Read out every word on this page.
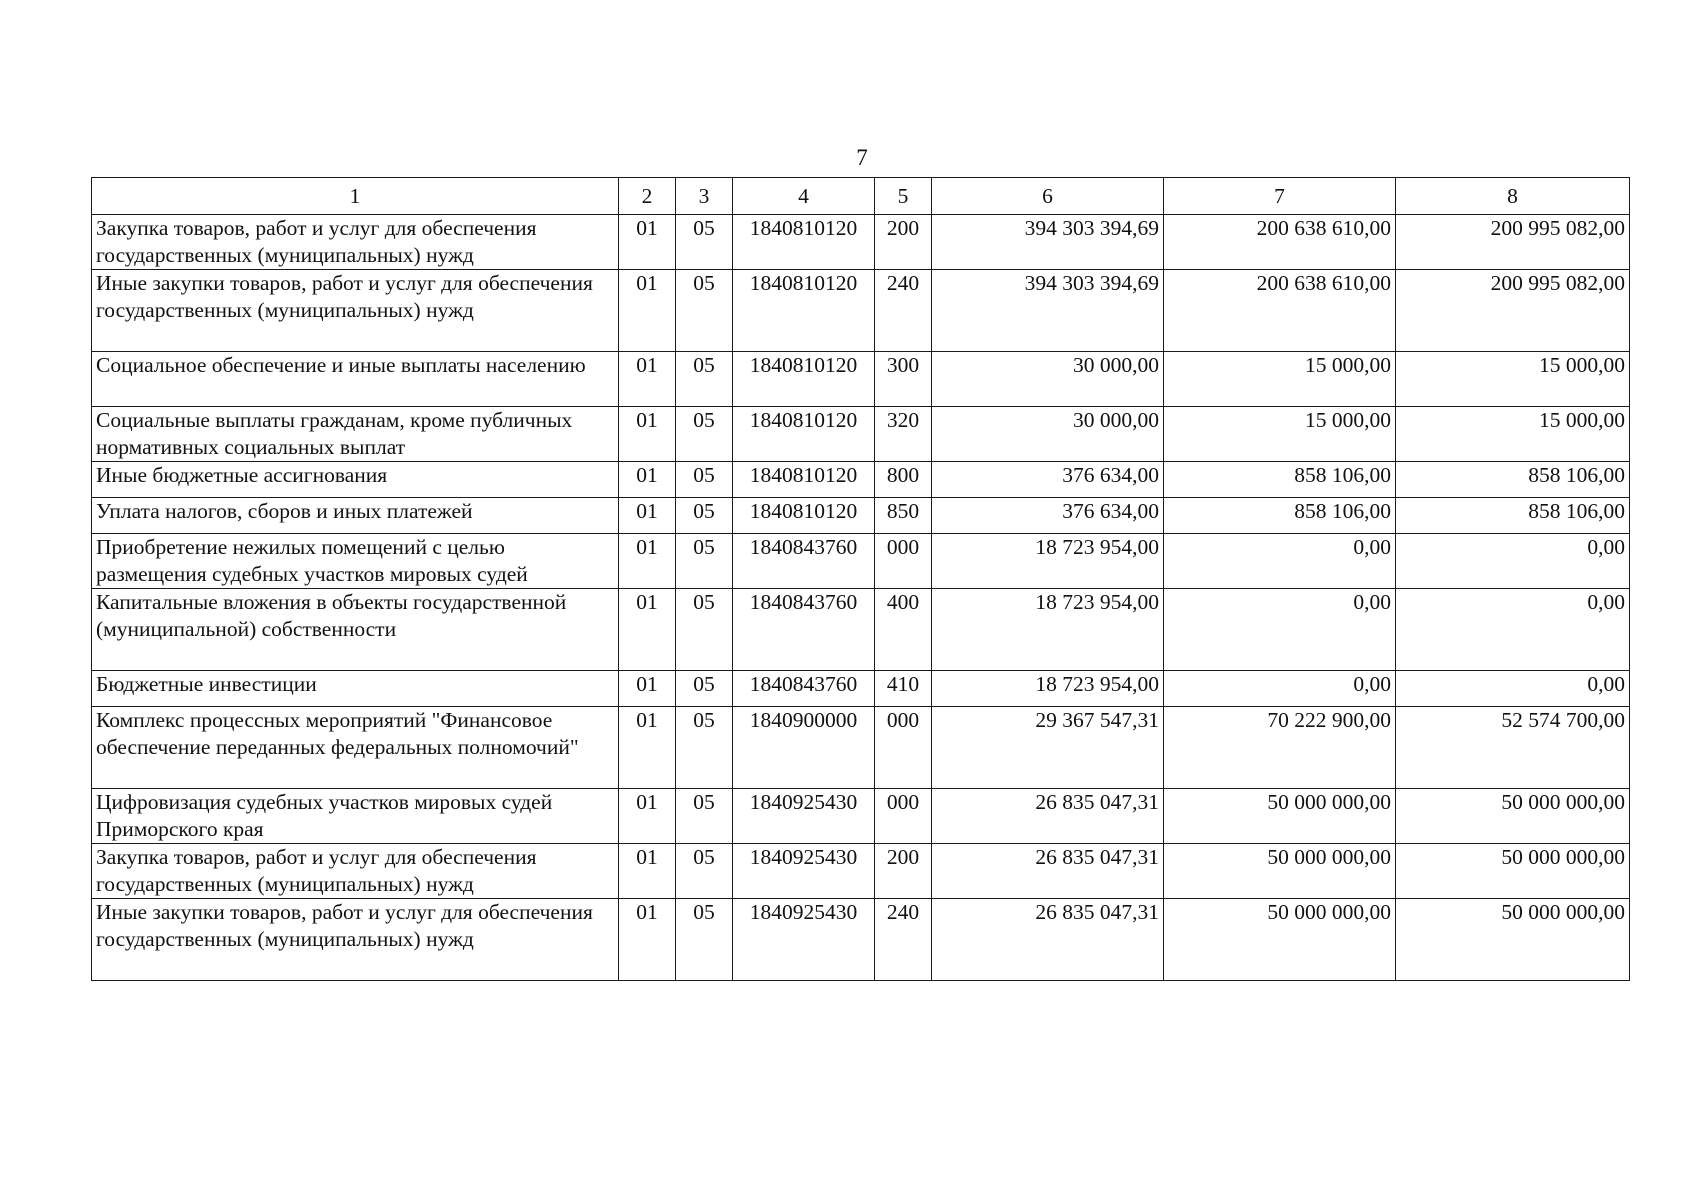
7
1	2	3	4	5	6	7	8
Закупка товаров, работ и услуг для обеспечения государственных (муниципальных) нужд	01	05	1840810120	200	394 303 394,69	200 638 610,00	200 995 082,00
Иные закупки товаров, работ и услуг для обеспечения государственных (муниципальных) нужд	01	05	1840810120	240	394 303 394,69	200 638 610,00	200 995 082,00
Социальное обеспечение и иные выплаты населению	01	05	1840810120	300	30 000,00	15 000,00	15 000,00
Социальные выплаты гражданам, кроме публичных нормативных социальных выплат	01	05	1840810120	320	30 000,00	15 000,00	15 000,00
Иные бюджетные ассигнования	01	05	1840810120	800	376 634,00	858 106,00	858 106,00
Уплата налогов, сборов и иных платежей	01	05	1840810120	850	376 634,00	858 106,00	858 106,00
Приобретение нежилых помещений с целью размещения судебных участков мировых судей	01	05	1840843760	000	18 723 954,00	0,00	0,00
Капитальные вложения в объекты государственной (муниципальной) собственности	01	05	1840843760	400	18 723 954,00	0,00	0,00
Бюджетные инвестиции	01	05	1840843760	410	18 723 954,00	0,00	0,00
Комплекс процессных мероприятий "Финансовое обеспечение переданных федеральных полномочий"	01	05	1840900000	000	29 367 547,31	70 222 900,00	52 574 700,00
Цифровизация судебных участков мировых судей Приморского края	01	05	1840925430	000	26 835 047,31	50 000 000,00	50 000 000,00
Закупка товаров, работ и услуг для обеспечения государственных (муниципальных) нужд	01	05	1840925430	200	26 835 047,31	50 000 000,00	50 000 000,00
Иные закупки товаров, работ и услуг для обеспечения государственных (муниципальных) нужд	01	05	1840925430	240	26 835 047,31	50 000 000,00	50 000 000,00
